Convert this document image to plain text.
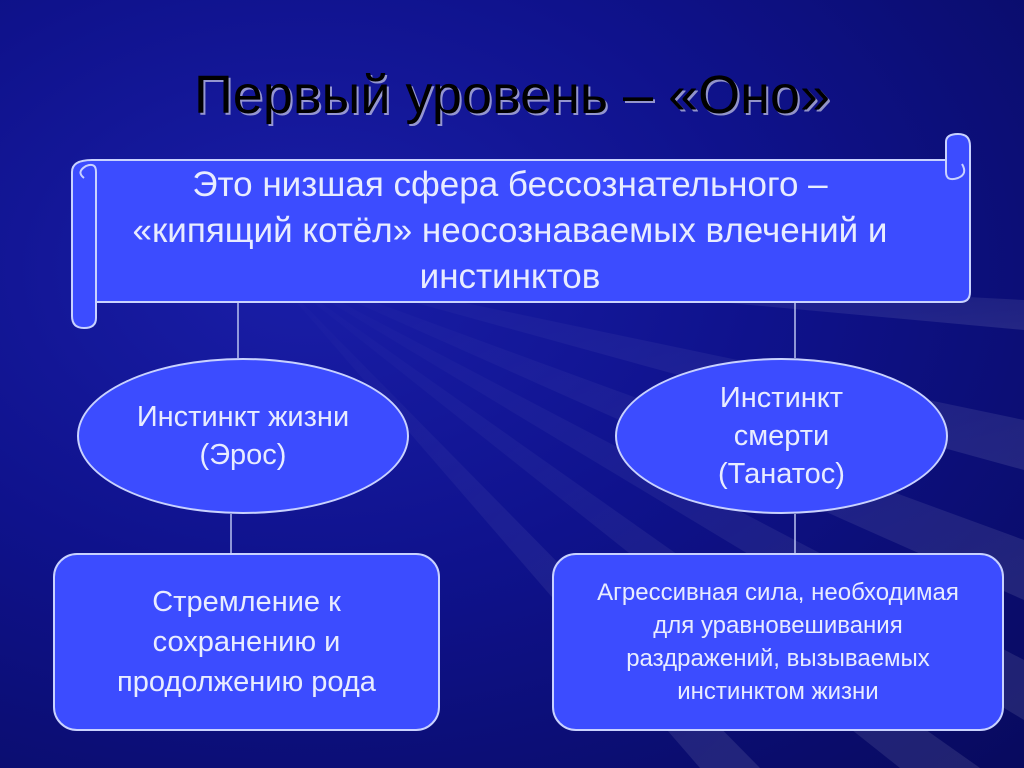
Первый уровень – «Оно»
Это низшая сфера бессознательного – «кипящий котёл» неосознаваемых влечений и инстинктов
Инстинкт жизни (Эрос)
Инстинкт смерти (Танатос)
Стремление к сохранению и продолжению рода
Агрессивная сила, необходимая для уравновешивания раздражений, вызываемых инстинктом жизни
